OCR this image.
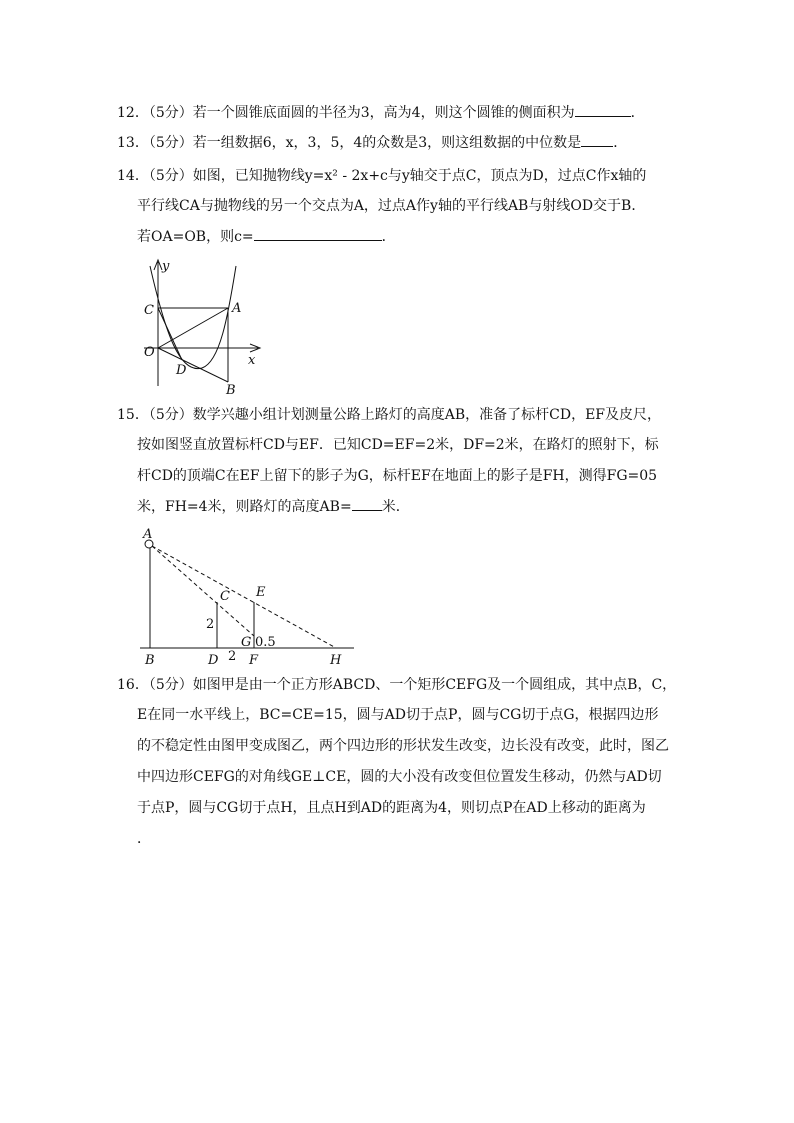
12．（5分）若一个圆锥底面圆的半径为3，高为4，则这个圆锥的侧面积为	．
13．（5分）若一组数据6，x，3，5，4的众数是3，则这组数据的中位数是 ．
14．（5分）如图，已知抛物线y=x² - 2x+c与y轴交于点C，顶点为D，过点C作x轴的
平行线CA与抛物线的另一个交点为A，过点A作y轴的平行线AB与射线OD交于B．
若OA=OB，则c=	．
y
C	A
O
x
D
B
15．（5分）数学兴趣小组计划测量公路上路灯的高度AB，准备了标杆CD，EF及皮尺，
按如图竖直放置标杆CD与EF．已知CD=EF=2米，DF=2米，在路灯的照射下，标
杆CD的顶端C在EF上留下的影子为G，标杆EF在地面上的影子是FH，测得FG=05
米，FH=4米，则路灯的高度AB= 米．
A
C E
2
G 0.5
B	D 2 F	H
16．（5分）如图甲是由一个正方形ABCD、一个矩形CEFG及一个圆组成，其中点B，C，
E在同一水平线上，BC=CE=15，圆与AD切于点P，圆与CG切于点G，根据四边形
的不稳定性由图甲变成图乙，两个四边形的形状发生改变，边长没有改变，此时，图乙
中四边形CEFG的对角线GE⊥CE，圆的大小没有改变但位置发生移动，仍然与AD切
于点P，圆与CG切于点H，且点H到AD的距离为4，则切点P在AD上移动的距离为
．
